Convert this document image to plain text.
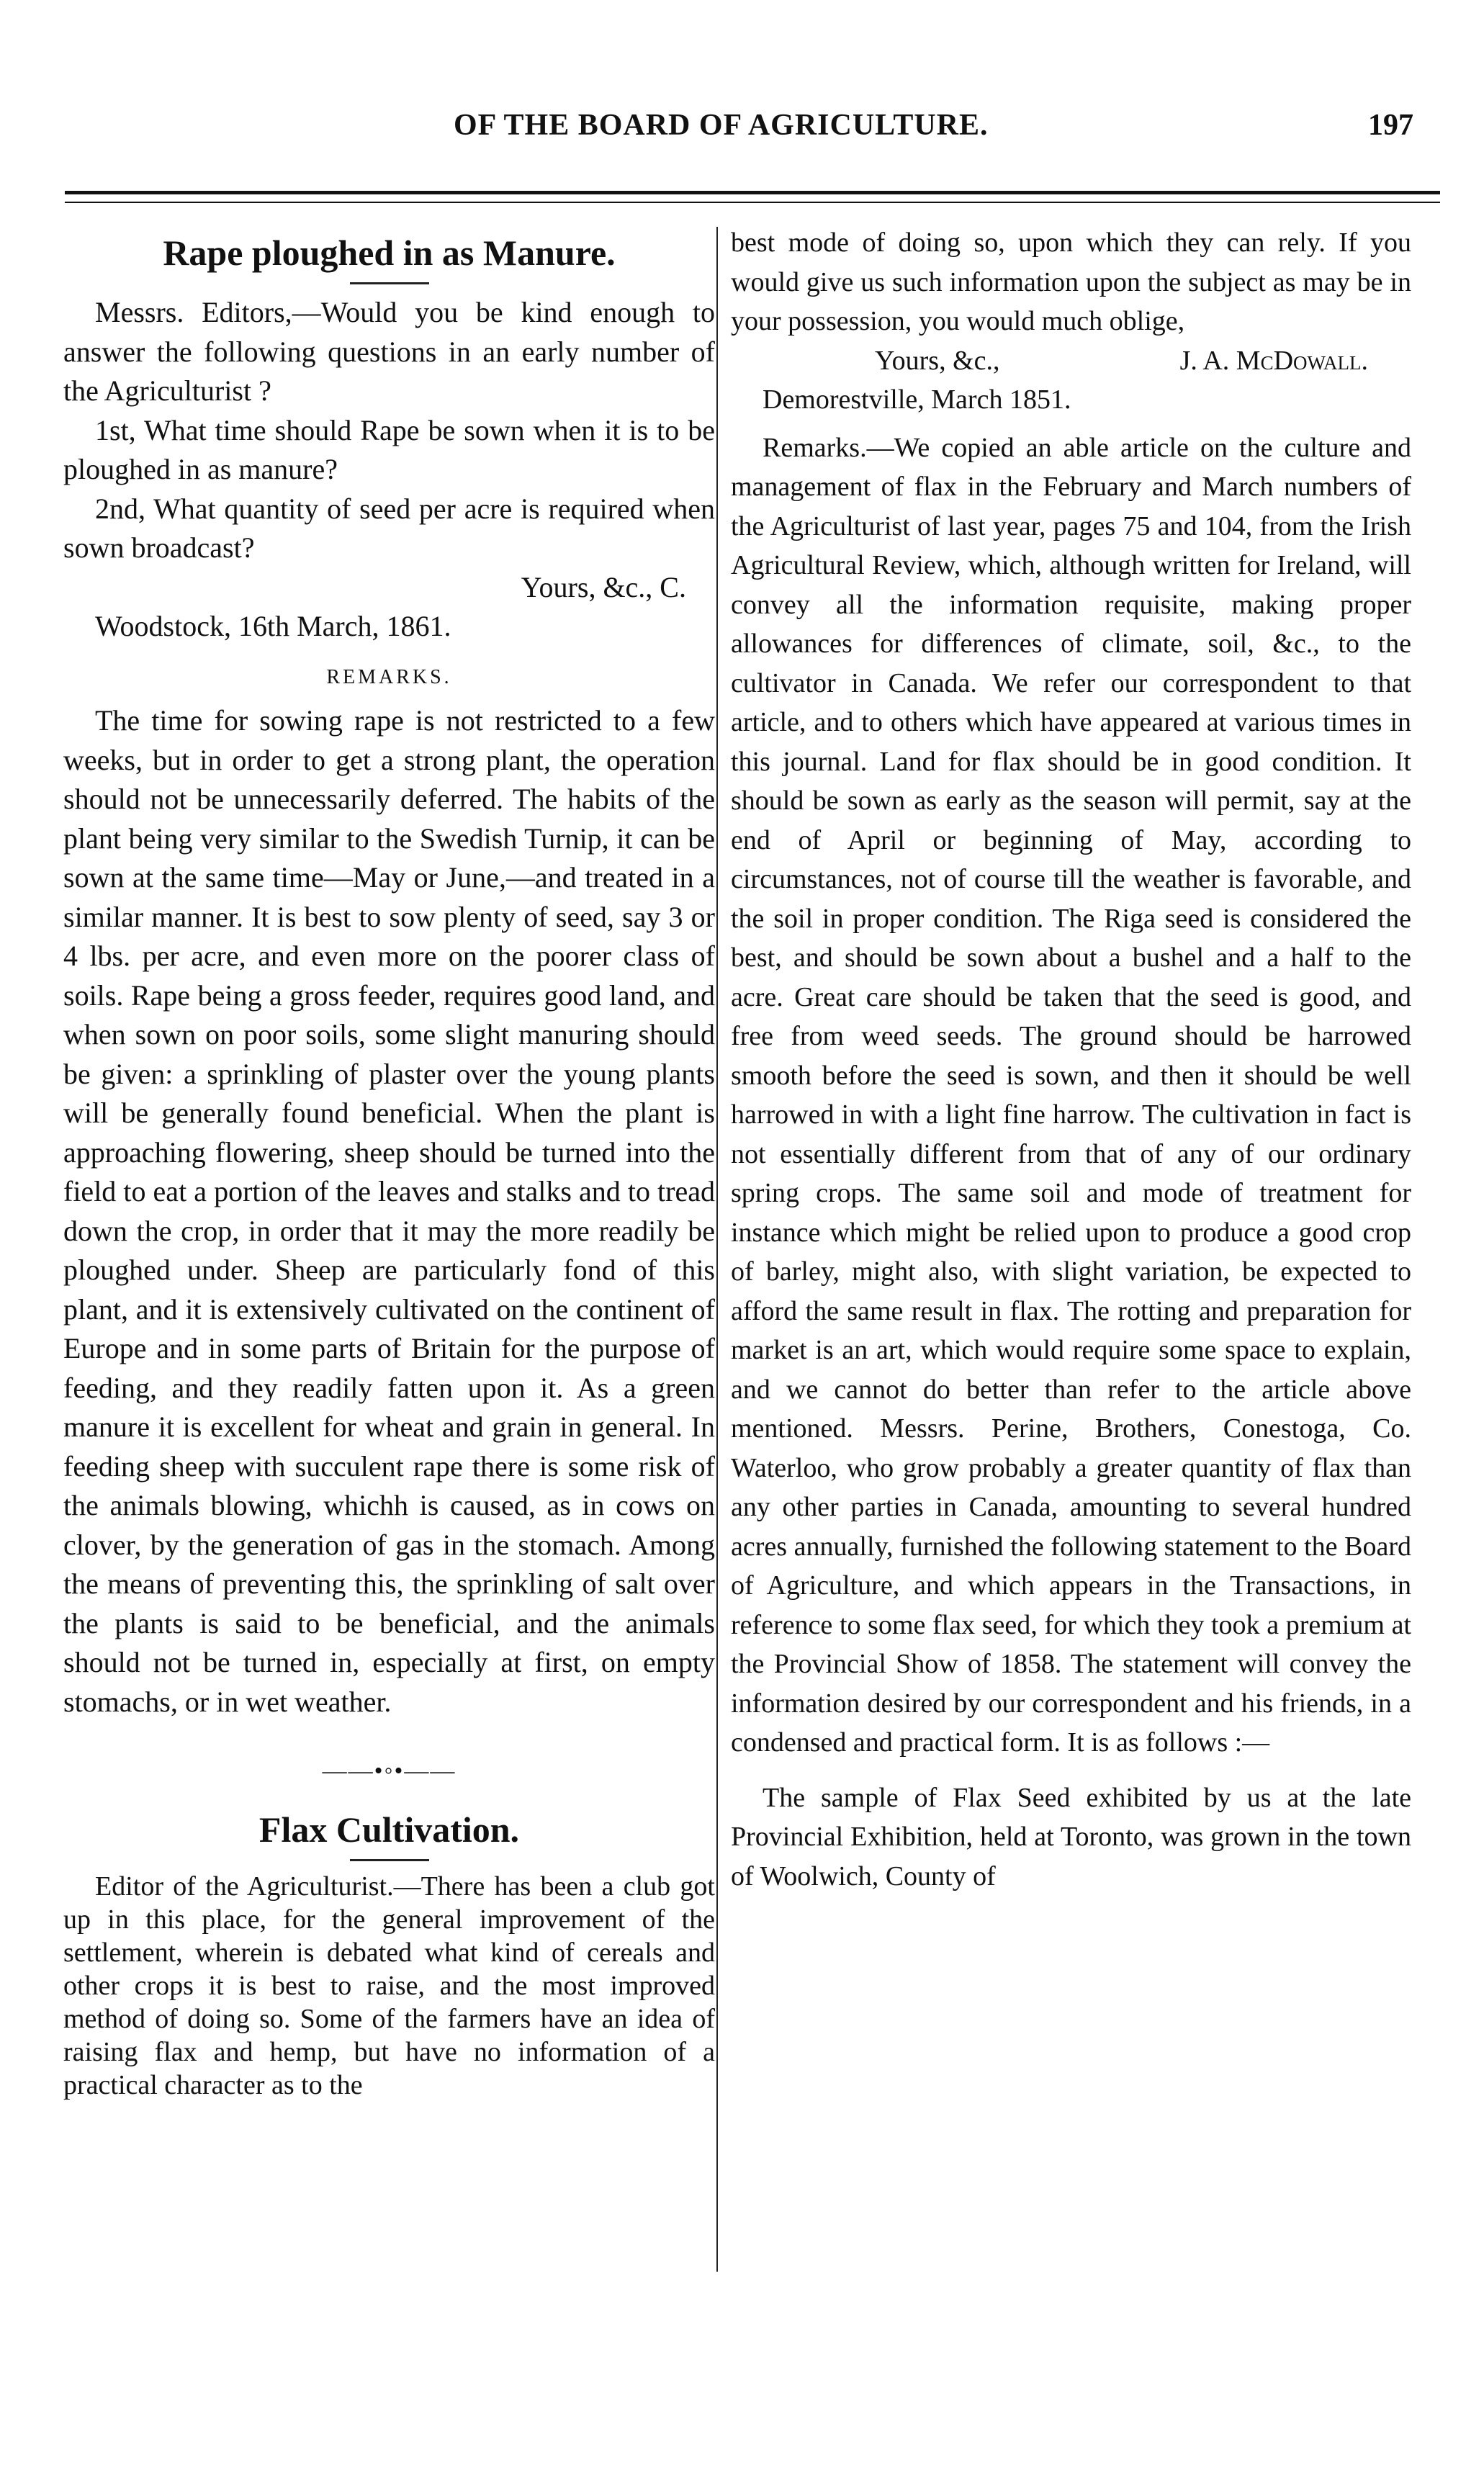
OF THE BOARD OF AGRICULTURE.	197
Rape ploughed in as Manure.

Messrs. Editors,—Would you be kind enough to answer the following questions in an early number of the Agriculturist ?

1st, What time should Rape be sown when it is to be ploughed in as manure?

2nd, What quantity of seed per acre is required when sown broadcast?

Yours, &c., C.

Woodstock, 16th March, 1861.

REMARKS.

The time for sowing rape is not restricted to a few weeks, but in order to get a strong plant, the operation should not be unnecessarily deferred. The habits of the plant being very similar to the Swedish Turnip, it can be sown at the same time—May or June,—and treated in a similar manner. It is best to sow plenty of seed, say 3 or 4 lbs. per acre, and even more on the poorer class of soils. Rape being a gross feeder, requires good land, and when sown on poor soils, some slight manuring should be given: a sprinkling of plaster over the young plants will be generally found beneficial. When the plant is approaching flowering, sheep should be turned into the field to eat a portion of the leaves and stalks and to tread down the crop, in order that it may the more readily be ploughed under. Sheep are particularly fond of this plant, and it is extensively cultivated on the continent of Europe and in some parts of Britain for the purpose of feeding, and they readily fatten upon it. As a green manure it is excellent for wheat and grain in general. In feeding sheep with succulent rape there is some risk of the animals blowing, whichh is caused, as in cows on clover, by the generation of gas in the stomach. Among the means of preventing this, the sprinkling of salt over the plants is said to be beneficial, and the animals should not be turned in, especially at first, on empty stomachs, or in wet weather.

——•◦•——
Flax Cultivation.

Editor of the Agriculturist.—There has been a club got up in this place, for the general improvement of the settlement, wherein is debated what kind of cereals and other crops it is best to raise, and the most improved method of doing so. Some of the farmers have an idea of raising flax and hemp, but have no information of a practical character as to the

best mode of doing so, upon which they can rely. If you would give us such information upon the subject as may be in your possession, you would much oblige,

Yours, &c.,	J. A. McDowall.

Demorestville, March 1851.

Remarks.—We copied an able article on the culture and management of flax in the February and March numbers of the Agriculturist of last year, pages 75 and 104, from the Irish Agricultural Review, which, although written for Ireland, will convey all the information requisite, making proper allowances for differences of climate, soil, &c., to the cultivator in Canada. We refer our correspondent to that article, and to others which have appeared at various times in this journal. Land for flax should be in good condition. It should be sown as early as the season will permit, say at the end of April or beginning of May, according to circumstances, not of course till the weather is favorable, and the soil in proper condition. The Riga seed is considered the best, and should be sown about a bushel and a half to the acre. Great care should be taken that the seed is good, and free from weed seeds. The ground should be harrowed smooth before the seed is sown, and then it should be well harrowed in with a light fine harrow. The cultivation in fact is not essentially different from that of any of our ordinary spring crops. The same soil and mode of treatment for instance which might be relied upon to produce a good crop of barley, might also, with slight variation, be expected to afford the same result in flax. The rotting and preparation for market is an art, which would require some space to explain, and we cannot do better than refer to the article above mentioned. Messrs. Perine, Brothers, Conestoga, Co. Waterloo, who grow probably a greater quantity of flax than any other parties in Canada, amounting to several hundred acres annually, furnished the following statement to the Board of Agriculture, and which appears in the Transactions, in reference to some flax seed, for which they took a premium at the Provincial Show of 1858. The statement will convey the information desired by our correspondent and his friends, in a condensed and practical form. It is as follows :—

The sample of Flax Seed exhibited by us at the late Provincial Exhibition, held at Toronto, was grown in the town of Woolwich, County of
